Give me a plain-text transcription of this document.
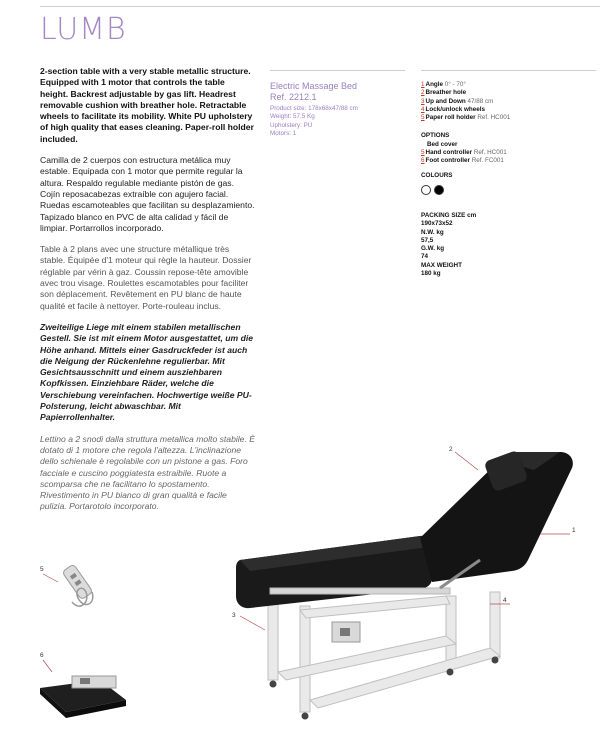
LUMB

2-section table with a very stable metallic structure. Equipped with 1 motor that controls the table height. Backrest adjustable by gas lift. Headrest removable cushion with breather hole. Retractable wheels to facilitate its mobility. White PU upholstery of high quality that eases cleaning. Paper-roll holder included.

Camilla de 2 cuerpos con estructura metálica muy estable. Equipada con 1 motor que permite regular la altura. Respaldo regulable mediante pistón de gas. Cojín reposacabezas extraíble con agujero facial. Ruedas escamoteables que facilitan su desplazamiento. Tapizado blanco en PVC de alta calidad y fácil de limpiar. Portarrollos incorporado.

Table à 2 plans avec une structure métallique très stable. Équipée d'1 moteur qui règle la hauteur. Dossier réglable par vérin à gaz. Coussin repose-tête amovible avec trou visage. Roulettes escamotables pour faciliter son déplacement. Revêtement en PU blanc de haute qualité et facile à nettoyer. Porte-rouleau inclus.

Zweiteilige Liege mit einem stabilen metallischen Gestell. Sie ist mit einem Motor ausgestattet, um die Höhe anhand. Mittels einer Gasdruckfeder ist auch die Neigung der Rückenlehne regulierbar. Mit Gesichtsausschnitt und einem ausziehbaren Kopfkissen. Einziehbare Räder, welche die Verschiebung vereinfachen. Hochwertige weiße PU-Polsterung, leicht abwaschbar. Mit Papierrollenhalter.

Lettino a 2 snodi dalla struttura metallica molto stabile. È dotato di 1 motore che regola l'altezza. L'inclinazione dello schienale è regolabile con un pistone a gas. Foro facciale e cuscino poggiatesta estraibile. Ruote a scomparsa che ne facilitano lo spostamento. Rivestimento in PU bianco di gran qualità e facile pulizia. Portarotolo incorporato.

Electric Massage Bed
Ref. 2212.1
Product size: 178x68x47/88 cm
Weight: 57,5 Kg
Upholstery: PU
Motors: 1
1Angle 0° - 70°
2Breather hole
3Up and Down 47/88 cm
4Lock/unlock wheels
5Paper roll holder Ref. HC001
OPTIONS
Bed cover
5Hand controller Ref. HC001
6Foot controller Ref. FC001
COLOURS
PACKING SIZE cm
190x73x52
N.W. kg
57,5
G.W. kg
74
MAX WEIGHT
180 kg
2
1
3
4
5
6
